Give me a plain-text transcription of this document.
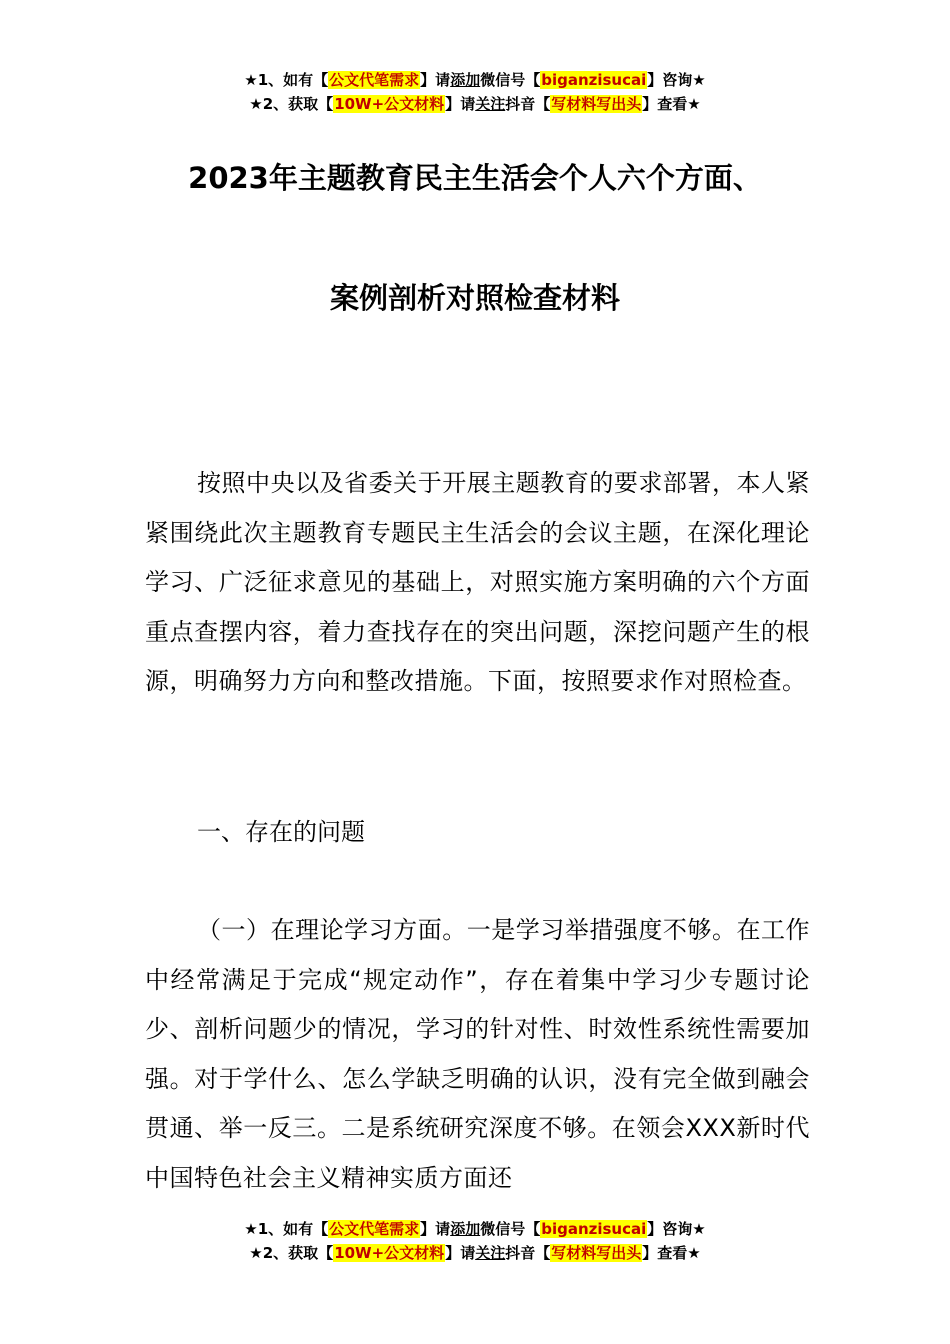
★1、如有【公文代笔需求】请添加微信号【biganzisucai】咨询★
★2、获取【10W+公文材料】请关注抖音【写材料写出头】查看★
2023年主题教育民主生活会个人六个方面、
案例剖析对照检查材料
按照中央以及省委关于开展主题教育的要求部署，本人紧紧围绕此次主题教育专题民主生活会的会议主题，在深化理论学习、广泛征求意见的基础上，对照实施方案明确的六个方面重点查摆内容，着力查找存在的突出问题，深挖问题产生的根源，明确努力方向和整改措施。下面，按照要求作对照检查。
一、存在的问题
（一）在理论学习方面。一是学习举措强度不够。在工作中经常满足于完成“规定动作”，存在着集中学习少专题讨论少、剖析问题少的情况，学习的针对性、时效性系统性需要加强。对于学什么、怎么学缺乏明确的认识，没有完全做到融会贯通、举一反三。二是系统研究深度不够。在领会XXX新时代中国特色社会主义精神实质方面还
★1、如有【公文代笔需求】请添加微信号【biganzisucai】咨询★
★2、获取【10W+公文材料】请关注抖音【写材料写出头】查看★
